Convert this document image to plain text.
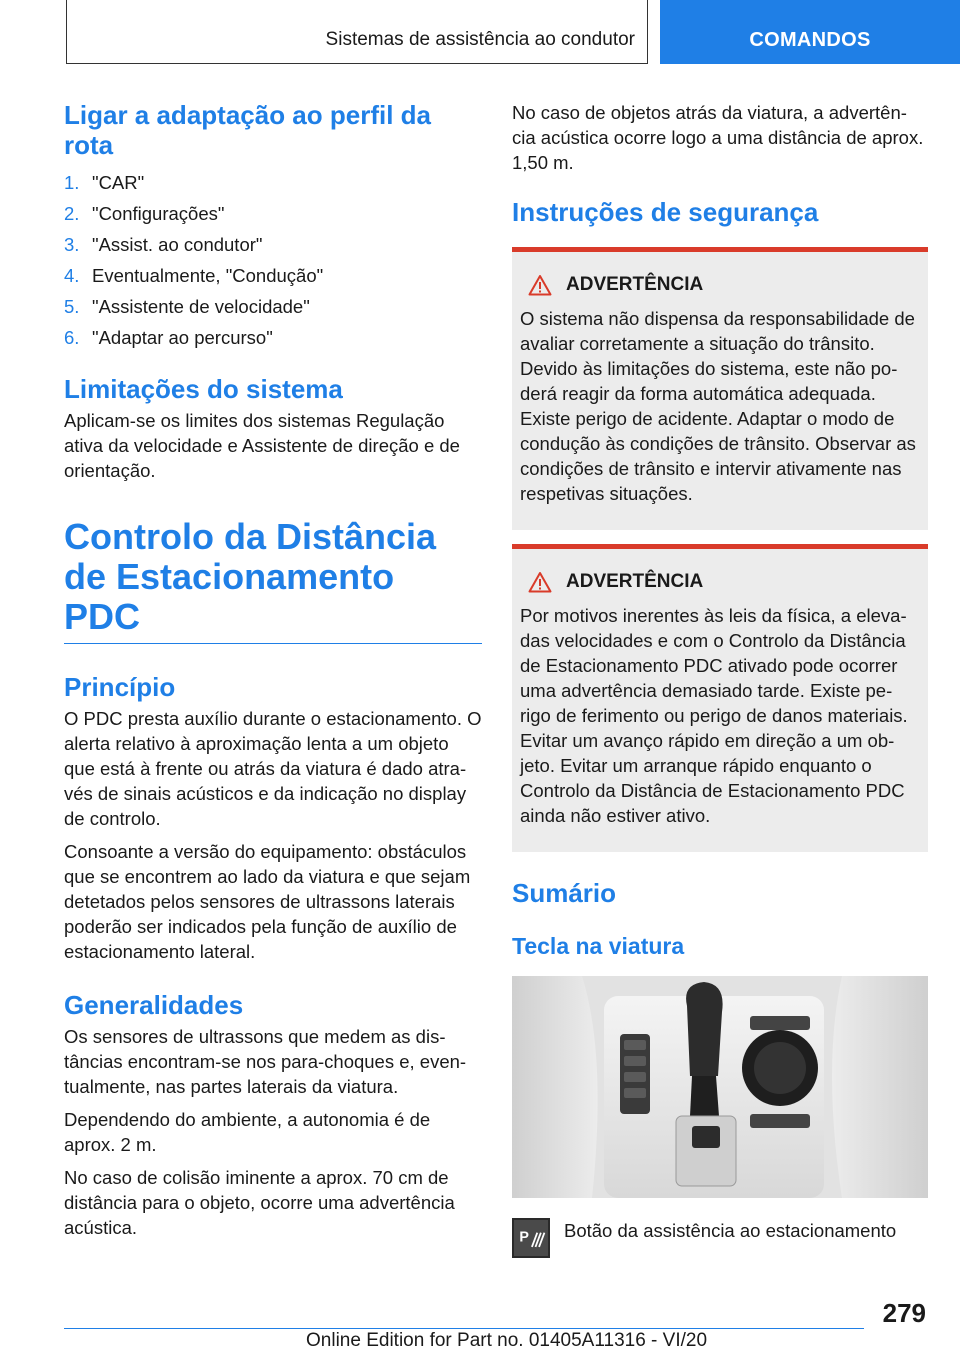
Sistemas de assistência ao condutor	COMANDOS
Ligar a adaptação ao perfil da rota
1. "CAR"
2. "Configurações"
3. "Assist. ao condutor"
4. Eventualmente, "Condução"
5. "Assistente de velocidade"
6. "Adaptar ao percurso"
Limitações do sistema

Aplicam-se os limites dos sistemas Regulação ativa da velocidade e Assistente de direção e de orientação.

Controlo da Distância de Estacionamento PDC
Princípio

O PDC presta auxílio durante o estacionamento. O alerta relativo à aproximação lenta a um objeto que está à frente ou atrás da viatura é dado atra- vés de sinais acústicos e da indicação no display de controlo.

Consoante a versão do equipamento: obstáculos que se encontrem ao lado da viatura e que sejam detetados pelos sensores de ultrassons laterais poderão ser indicados pela função de auxílio de estacionamento lateral.

Generalidades

Os sensores de ultrassons que medem as dis- tâncias encontram-se nos para-choques e, even- tualmente, nas partes laterais da viatura.

Dependendo do ambiente, a autonomia é de aprox. 2 m.

No caso de colisão iminente a aprox. 70 cm de distância para o objeto, ocorre uma advertência acústica.

No caso de objetos atrás da viatura, a advertên- cia acústica ocorre logo a uma distância de aprox. 1,50 m.

Instruções de segurança
ADVERTÊNCIA
O sistema não dispensa da responsabilidade de avaliar corretamente a situação do trânsito. Devido às limitações do sistema, este não po- derá reagir da forma automática adequada. Existe perigo de acidente. Adaptar o modo de condução às condições de trânsito. Observar as condições de trânsito e intervir ativamente nas respetivas situações.
ADVERTÊNCIA
Por motivos inerentes às leis da física, a eleva- das velocidades e com o Controlo da Distância de Estacionamento PDC ativado pode ocorrer uma advertência demasiado tarde. Existe pe- rigo de ferimento ou perigo de danos materiais. Evitar um avanço rápido em direção a um ob- jeto. Evitar um arranque rápido enquanto o Controlo da Distância de Estacionamento PDC ainda não estiver ativo.
Sumário
Tecla na viatura
P Botão da assistência ao estacionamento
279
Online Edition for Part no. 01405A11316 - VI/20
